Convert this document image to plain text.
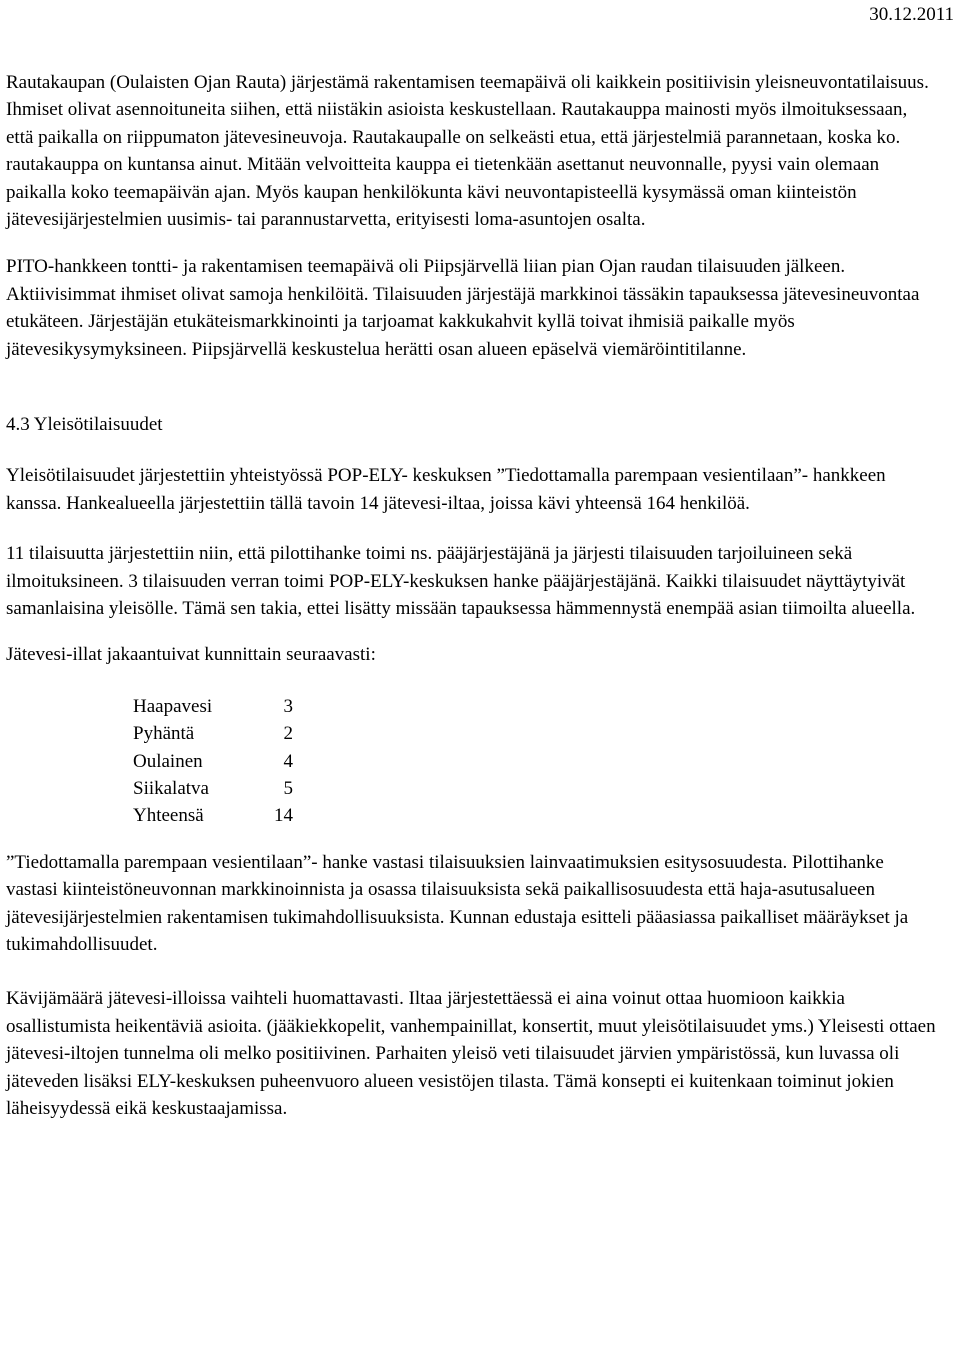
30.12.2011

Rautakaupan (Oulaisten Ojan Rauta) järjestämä rakentamisen teemapäivä oli kaikkein positiivisin yleisneuvontatilaisuus. Ihmiset olivat asennoituneita siihen, että niistäkin asioista keskustellaan. Rautakauppa mainosti myös ilmoituksessaan, että paikalla on riippumaton jätevesineuvoja. Rautakaupalle on selkeästi etua, että järjestelmiä parannetaan, koska ko. rautakauppa on kuntansa ainut. Mitään velvoitteita kauppa ei tietenkään asettanut neuvonnalle, pyysi vain olemaan paikalla koko teemapäivän ajan. Myös kaupan henkilökunta kävi neuvontapisteellä kysymässä oman kiinteistön jätevesijärjestelmien uusimis- tai parannustarvetta, erityisesti loma-asuntojen osalta.

PITO-hankkeen tontti- ja rakentamisen teemapäivä oli Piipsjärvellä liian pian Ojan raudan tilaisuuden jälkeen. Aktiivisimmat ihmiset olivat samoja henkilöitä. Tilaisuuden järjestäjä markkinoi tässäkin tapauksessa jätevesineuvontaa etukäteen. Järjestäjän etukäteismarkkinointi ja tarjoamat kakkukahvit kyllä toivat ihmisiä paikalle myös jätevesikysymyksineen. Piipsjärvellä keskustelua herätti osan alueen epäselvä viemäröintitilanne.

4.3 Yleisötilaisuudet

Yleisötilaisuudet järjestettiin yhteistyössä POP-ELY- keskuksen ”Tiedottamalla parempaan vesientilaan”- hankkeen kanssa. Hankealueella järjestettiin tällä tavoin 14 jätevesi-iltaa, joissa kävi yhteensä 164 henkilöä.

11 tilaisuutta järjestettiin niin, että pilottihanke toimi ns. pääjärjestäjänä ja järjesti tilaisuuden tarjoiluineen sekä ilmoituksineen. 3 tilaisuuden verran toimi POP-ELY-keskuksen hanke pääjärjestäjänä. Kaikki tilaisuudet näyttäytyivät samanlaisina yleisölle. Tämä sen takia, ettei lisätty missään tapauksessa hämmennystä enempää asian tiimoilta alueella.

Jätevesi-illat jakaantuivat kunnittain seuraavasti:

Haapavesi	3
Pyhäntä	2
Oulainen	4
Siikalatva	5
Yhteensä	14

”Tiedottamalla parempaan vesientilaan”- hanke vastasi tilaisuuksien lainvaatimuksien esitysosuudesta. Pilottihanke vastasi kiinteistöneuvonnan markkinoinnista ja osassa tilaisuuksista sekä paikallisosuudesta että haja-asutusalueen jätevesijärjestelmien rakentamisen tukimahdollisuuksista. Kunnan edustaja esitteli pääasiassa paikalliset määräykset ja tukimahdollisuudet.

Kävijämäärä jätevesi-illoissa vaihteli huomattavasti. Iltaa järjestettäessä ei aina voinut ottaa huomioon kaikkia osallistumista heikentäviä asioita. (jääkiekkopelit, vanhempainillat, konsertit, muut yleisötilaisuudet yms.) Yleisesti ottaen jätevesi-iltojen tunnelma oli melko positiivinen. Parhaiten yleisö veti tilaisuudet järvien ympäristössä, kun luvassa oli jäteveden lisäksi ELY-keskuksen puheenvuoro alueen vesistöjen tilasta. Tämä konsepti ei kuitenkaan toiminut jokien läheisyydessä eikä keskustaajamissa.
